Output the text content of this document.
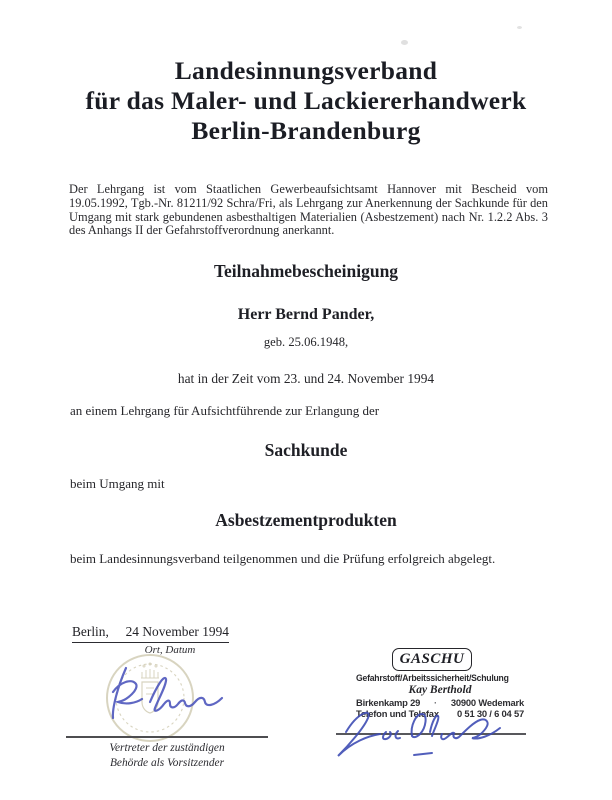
Landesinnungsverband
für das Maler- und Lackiererhandwerk
Berlin-Brandenburg
Der Lehrgang ist vom Staatlichen Gewerbeaufsichtsamt Hannover mit Bescheid vom 19.05.1992, Tgb.-Nr. 81211/92 Schra/Fri, als Lehrgang zur Anerkennung der Sachkunde für den Umgang mit stark gebundenen asbesthaltigen Materialien (Asbestzement) nach Nr. 1.2.2 Abs. 3 des Anhangs II der Gefahrstoffverordnung anerkannt.
Teilnahmebescheinigung
Herr Bernd Pander,
geb. 25.06.1948,
hat in der Zeit vom 23. und 24. November 1994
an einem Lehrgang für Aufsichtführende zur Erlangung der
Sachkunde
beim Umgang mit
Asbestzementprodukten
beim Landesinnungsverband teilgenommen und die Prüfung erfolgreich abgelegt.
Berlin, 24 November 1994
Ort, Datum
Vertreter der zuständigen
Behörde als Vorsitzender
GASCHU
Gefahrstoff/Arbeitssicherheit/Schulung
Kay Berthold
Birkenkamp 29 · 30900 Wedemark
Telefon und Telefax 0 51 30 / 6 04 57
